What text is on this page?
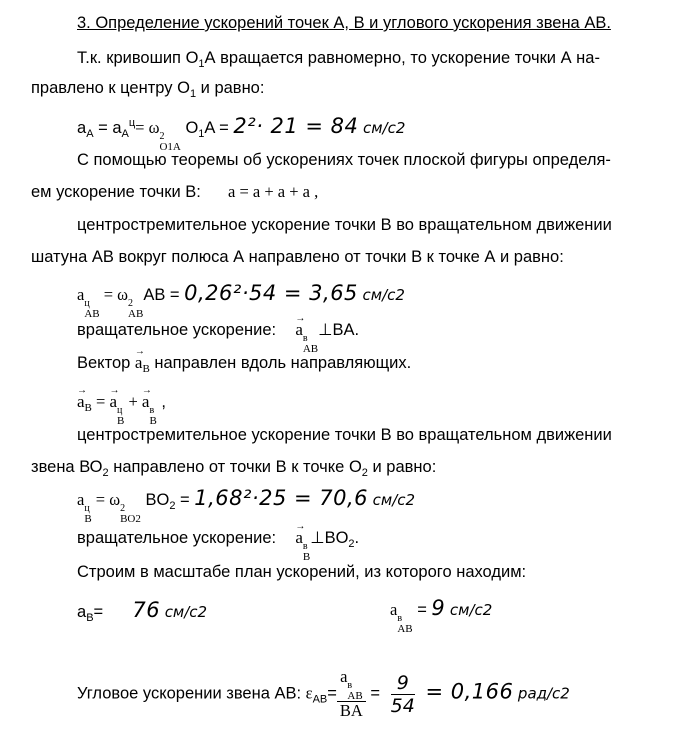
3. Определение ускорений точек А, В и углового ускорения звена АВ.
Т.к. кривошип $О_1А$ вращается равномерно, то ускорение точки А на-
правлено к центру $О_1$ и равно:
$a_A = a_A^ц= \omega$ 2
O1A
$O_1A = 2^2\cdot 21 = 84$ см/с2
С помощью теоремы об ускорениях точек плоской фигуры определя-
ем ускорение точки В: a = a + a + a ,
центростремительное ускорение точки В во вращательном движении
шатуна АВ вокруг полюса А направлено от точки В к точке А и равно:
a ц
AB
= ω 2
AB
AB = 0,26²·54 = 3,65 см/с2
вращательное ускорение: → a в
AB
⊥BA.
Вектор → $a_B$ направлен вдоль направляющих.
→ $a_B$ = → a ц
B
+ → a в
B
,
центростремительное ускорение точки В во вращательном движении
звена $ВО_2$ направлено от точки В к точке $О_2$ и равно:
a ц
B
= ω 2
BO2
$BO_2 = 1,68^2\cdot 25 = 70,6$ см/с2
вращательное ускорение: → a в
B
$\perp BO_2$.
Строим в масштабе план ускорений, из которого находим:
$a_B= 76$ см/с2	a в
AB
= 9 см/с2
Угловое ускорении звена АВ: $\varepsilon_{AB}= a$ в
AB
BA = $\frac{9}{54} = 0,166$ рад/с2
